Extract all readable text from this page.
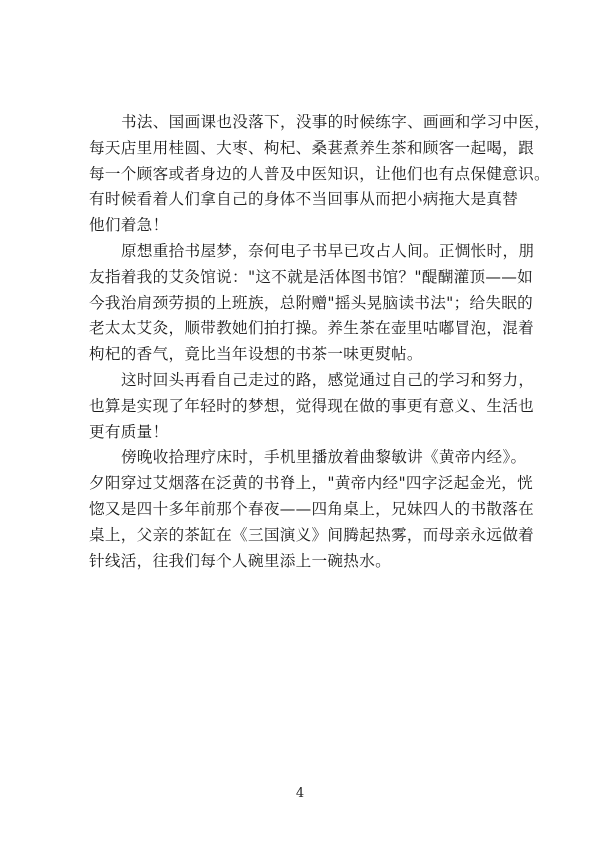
书法、国画课也没落下，没事的时候练字、画画和学习中医，
每天店里用桂圆、大枣、枸杞、桑葚煮养生茶和顾客一起喝，跟
每一个顾客或者身边的人普及中医知识，让他们也有点保健意识。
有时候看着人们拿自己的身体不当回事从而把小病拖大是真替
他们着急！
原想重拾书屋梦，奈何电子书早已攻占人间。正惆怅时，朋
友指着我的艾灸馆说："这不就是活体图书馆？"醍醐灌顶——如
今我治肩颈劳损的上班族，总附赠"摇头晃脑读书法"；给失眠的
老太太艾灸，顺带教她们拍打操。养生茶在壶里咕嘟冒泡，混着
枸杞的香气，竟比当年设想的书茶一味更熨帖。
这时回头再看自己走过的路，感觉通过自己的学习和努力，
也算是实现了年轻时的梦想，觉得现在做的事更有意义、生活也
更有质量！
傍晚收拾理疗床时，手机里播放着曲黎敏讲《黄帝内经》。
夕阳穿过艾烟落在泛黄的书脊上，"黄帝内经"四字泛起金光，恍
惚又是四十多年前那个春夜——四角桌上，兄妹四人的书散落在
桌上，父亲的茶缸在《三国演义》间腾起热雾，而母亲永远做着
针线活，往我们每个人碗里添上一碗热水。
4
